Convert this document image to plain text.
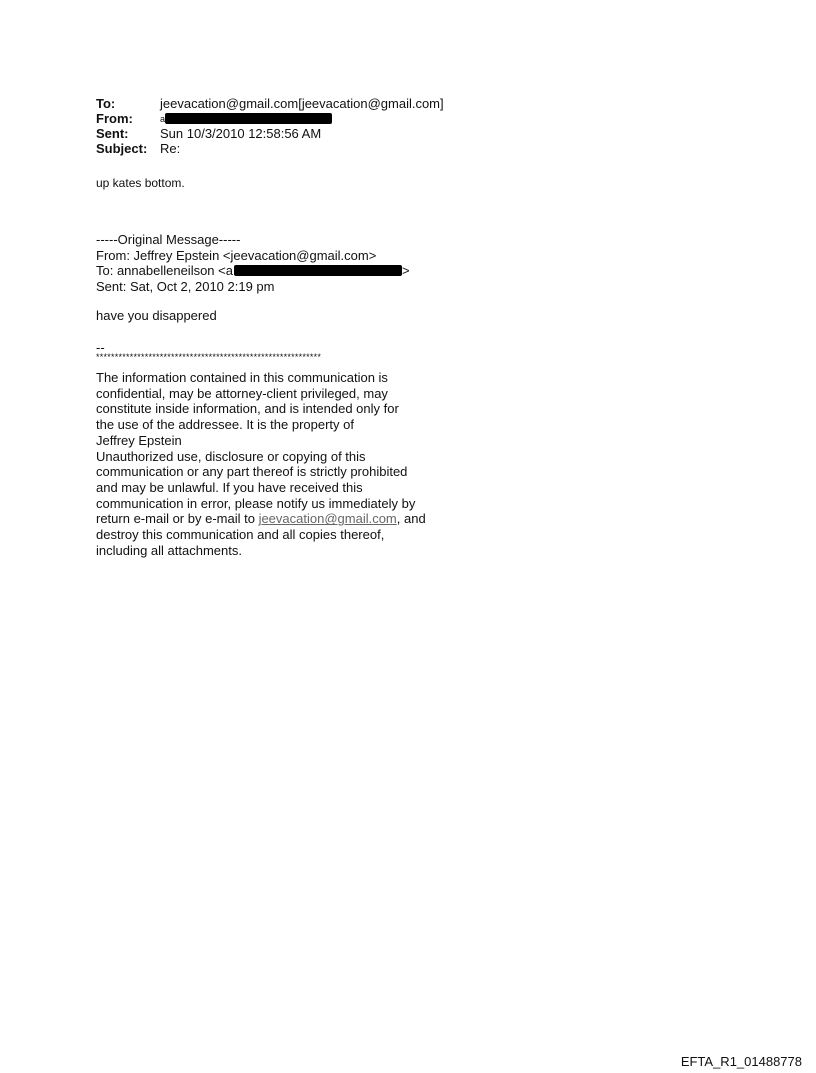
To:	jeevacation@gmail.com[jeevacation@gmail.com]
From:	a
Sent:	Sun 10/3/2010 12:58:56 AM
Subject: Re:
up kates bottom.
-----Original Message-----
From: Jeffrey Epstein <jeevacation@gmail.com>
To: annabelleneilson <a	>
Sent: Sat, Oct 2, 2010 2:19 pm
have you disappered
--
************************************************************
The information contained in this communication is
confidential, may be attorney-client privileged, may
constitute inside information, and is intended only for
the use of the addressee. It is the property of
Jeffrey Epstein
Unauthorized use, disclosure or copying of this
communication or any part thereof is strictly prohibited
and may be unlawful. If you have received this
communication in error, please notify us immediately by
return e-mail or by e-mail to jeevacation@gmail.com, and
destroy this communication and all copies thereof,
including all attachments.
EFTA_R1_01488778
